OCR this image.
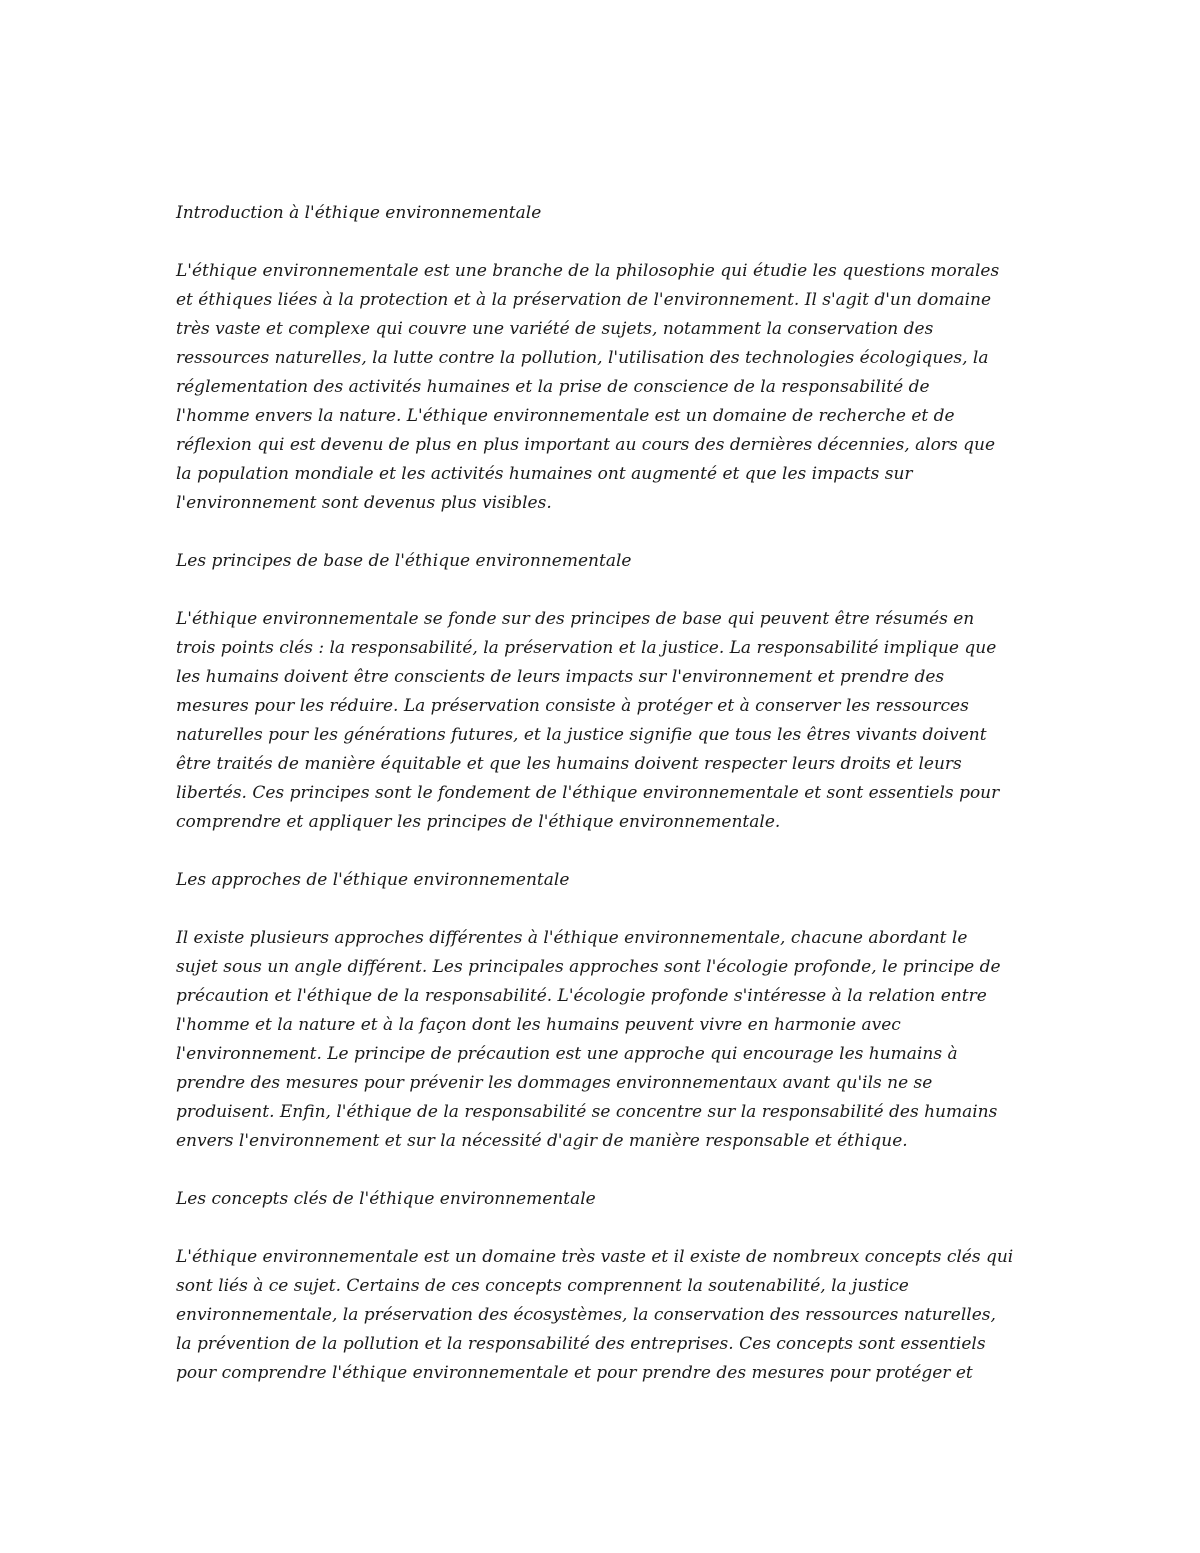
Introduction à l'éthique environnementale

L'éthique environnementale est une branche de la philosophie qui étudie les questions morales
et éthiques liées à la protection et à la préservation de l'environnement. Il s'agit d'un domaine
très vaste et complexe qui couvre une variété de sujets, notamment la conservation des
ressources naturelles, la lutte contre la pollution, l'utilisation des technologies écologiques, la
réglementation des activités humaines et la prise de conscience de la responsabilité de
l'homme envers la nature. L'éthique environnementale est un domaine de recherche et de
réflexion qui est devenu de plus en plus important au cours des dernières décennies, alors que
la population mondiale et les activités humaines ont augmenté et que les impacts sur
l'environnement sont devenus plus visibles.

Les principes de base de l'éthique environnementale

L'éthique environnementale se fonde sur des principes de base qui peuvent être résumés en
trois points clés : la responsabilité, la préservation et la justice. La responsabilité implique que
les humains doivent être conscients de leurs impacts sur l'environnement et prendre des
mesures pour les réduire. La préservation consiste à protéger et à conserver les ressources
naturelles pour les générations futures, et la justice signifie que tous les êtres vivants doivent
être traités de manière équitable et que les humains doivent respecter leurs droits et leurs
libertés. Ces principes sont le fondement de l'éthique environnementale et sont essentiels pour
comprendre et appliquer les principes de l'éthique environnementale.

Les approches de l'éthique environnementale

Il existe plusieurs approches différentes à l'éthique environnementale, chacune abordant le
sujet sous un angle différent. Les principales approches sont l'écologie profonde, le principe de
précaution et l'éthique de la responsabilité. L'écologie profonde s'intéresse à la relation entre
l'homme et la nature et à la façon dont les humains peuvent vivre en harmonie avec
l'environnement. Le principe de précaution est une approche qui encourage les humains à
prendre des mesures pour prévenir les dommages environnementaux avant qu'ils ne se
produisent. Enfin, l'éthique de la responsabilité se concentre sur la responsabilité des humains
envers l'environnement et sur la nécessité d'agir de manière responsable et éthique.

Les concepts clés de l'éthique environnementale

L'éthique environnementale est un domaine très vaste et il existe de nombreux concepts clés qui
sont liés à ce sujet. Certains de ces concepts comprennent la soutenabilité, la justice
environnementale, la préservation des écosystèmes, la conservation des ressources naturelles,
la prévention de la pollution et la responsabilité des entreprises. Ces concepts sont essentiels
pour comprendre l'éthique environnementale et pour prendre des mesures pour protéger et
